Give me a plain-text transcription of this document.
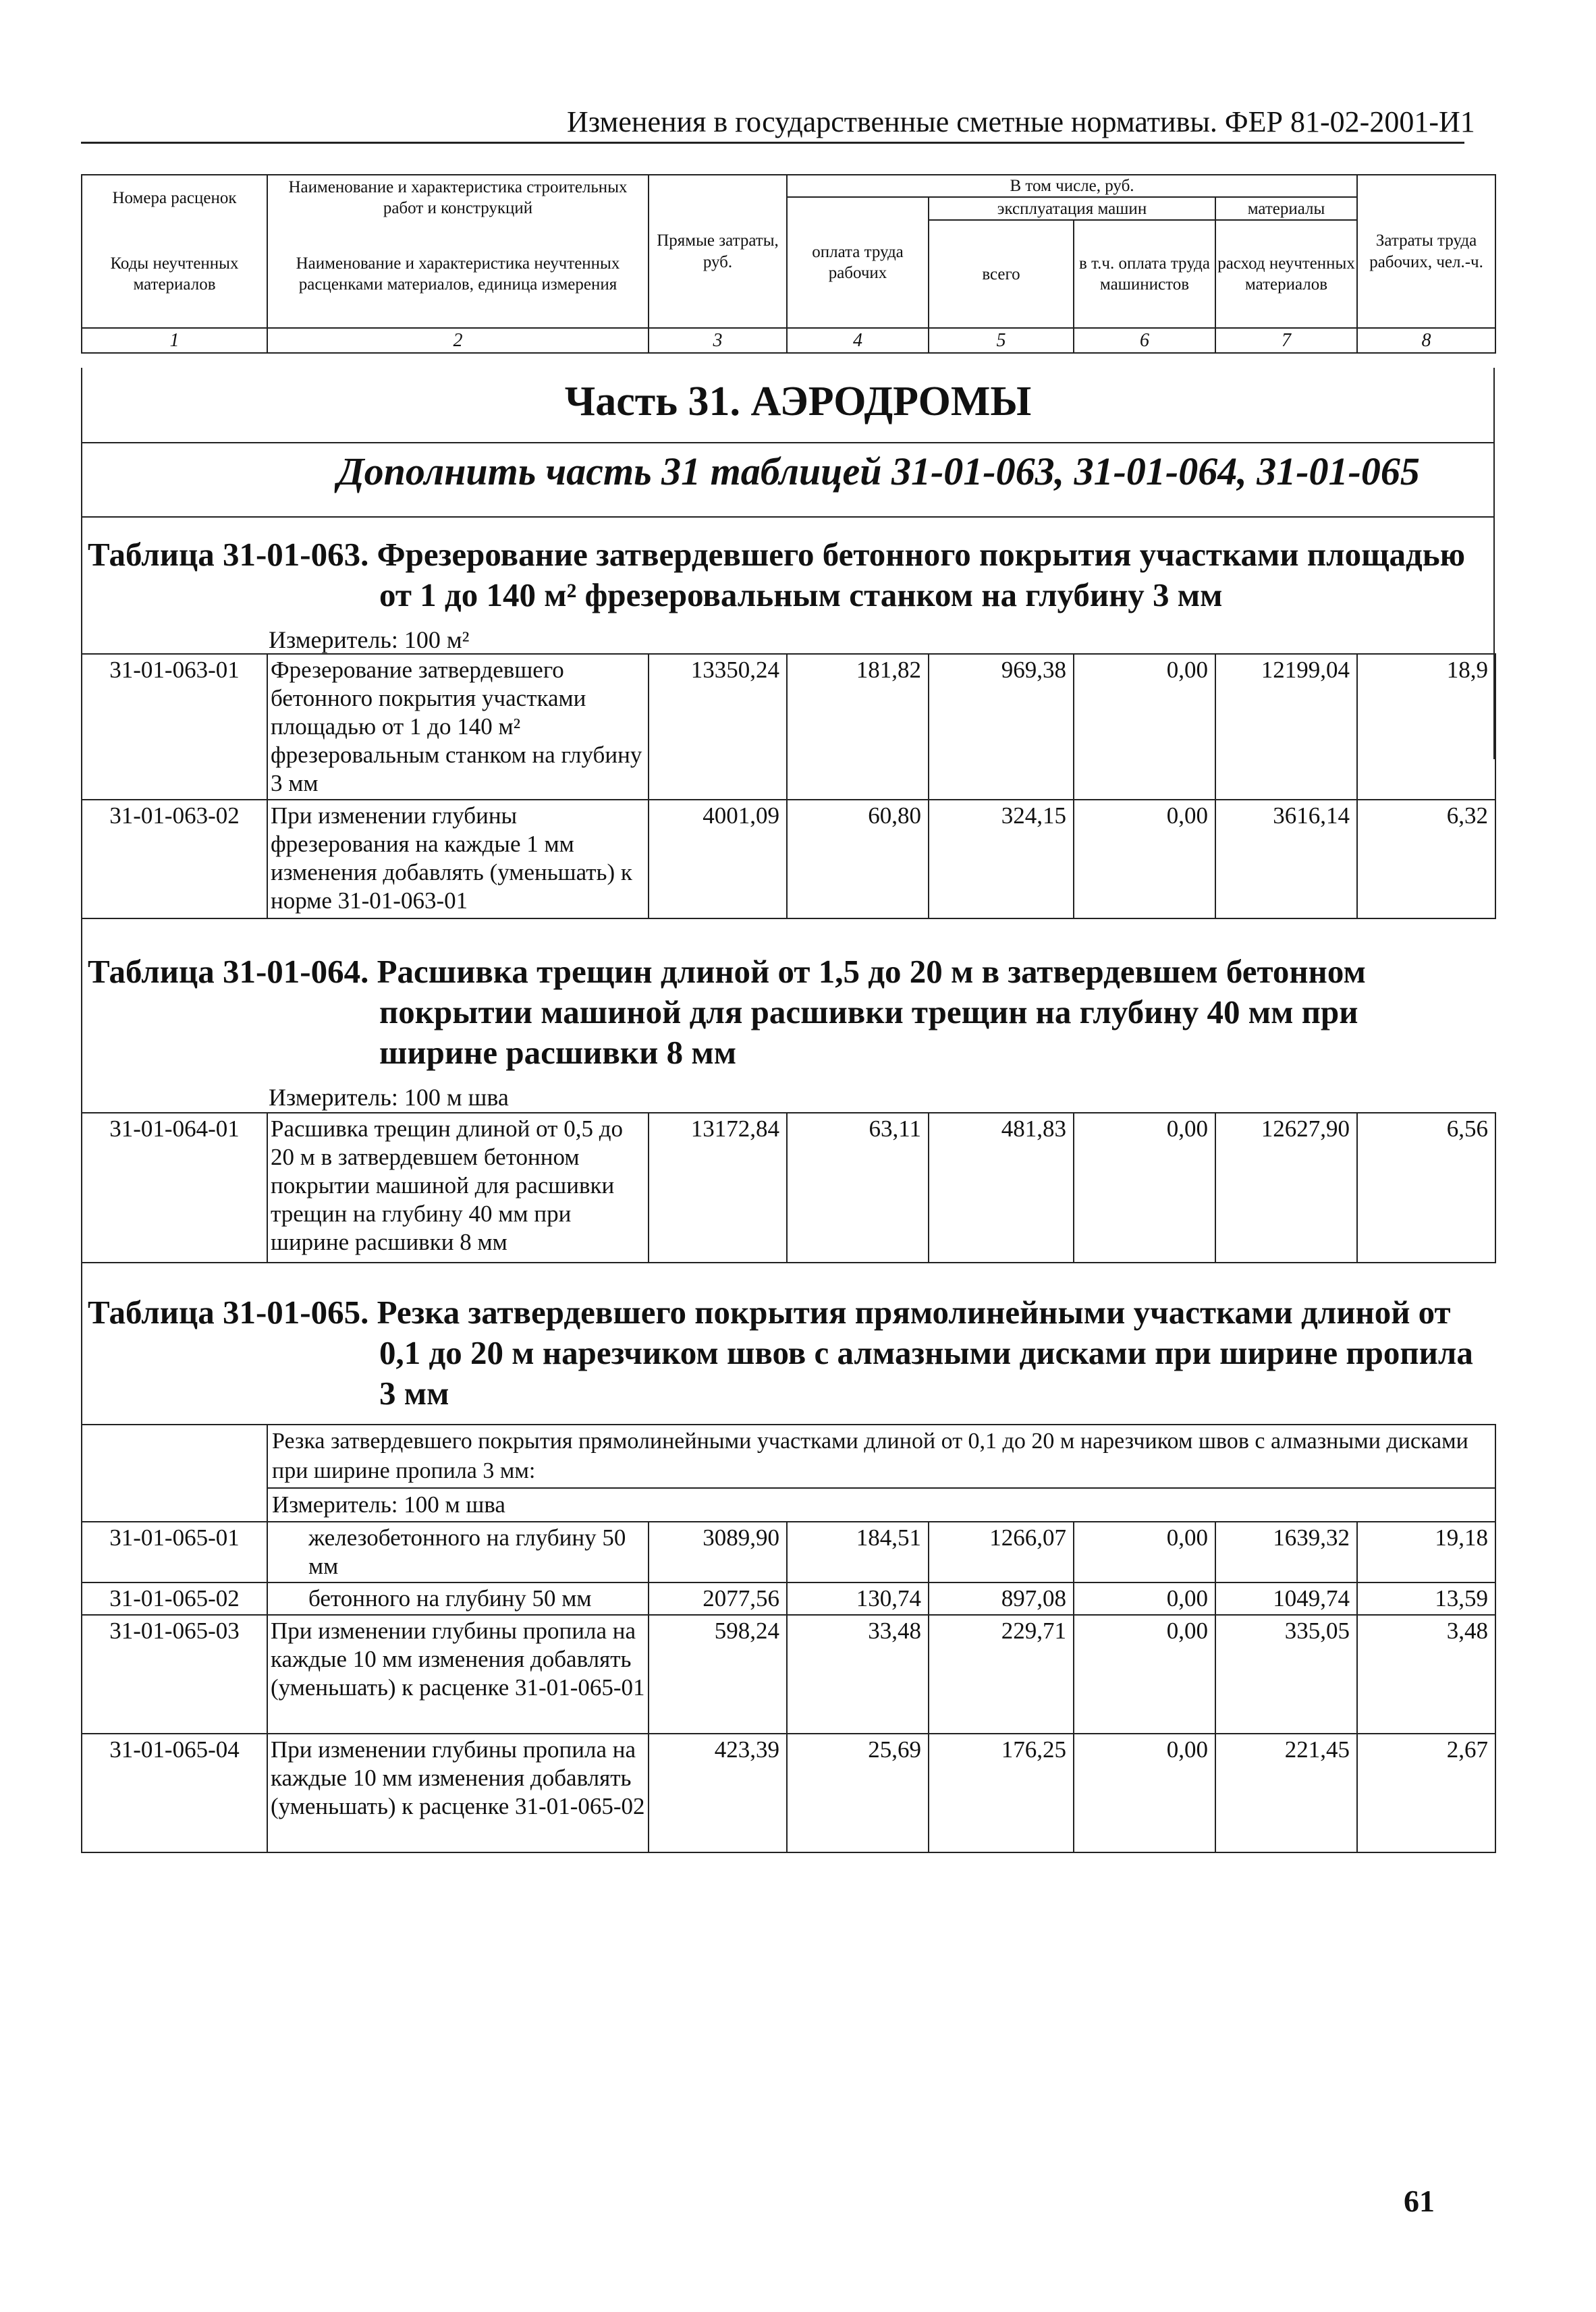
Изменения в государственные сметные нормативы. ФЕР 81-02-2001-И1
Номера расценок	Наименование и характеристика строительных работ и конструкций	Прямые затраты, руб.	В том числе, руб.				Затраты труда рабочих, чел.-ч.
			оплата труда рабочих	эксплуатация машин		материалы	
Коды неучтенных материалов	Наименование и характеристика неучтенных расценками материалов, единица измерения			всего	в т.ч. оплата труда машинистов	расход неучтенных материалов	

1	2	3	4	5	6	7	8
Часть 31. АЭРОДРОМЫ
Дополнить часть 31 таблицей 31-01-063, 31-01-064, 31-01-065
Таблица 31-01-063. Фрезерование затвердевшего бетонного покрытия участками площадью
от 1 до 140 м² фрезеровальным станком на глубину 3 мм
Измеритель: 100 м²
31-01-063-01	Фрезерование затвердевшего бетонного покрытия участками площадью от 1 до 140 м² фрезеровальным станком на глубину 3 мм	13350,24	181,82	969,38	0,00	12199,04	18,9
31-01-063-02	При изменении глубины фрезерования на каждые 1 мм изменения добавлять (уменьшать) к норме 31-01-063-01	4001,09	60,80	324,15	0,00	3616,14	6,32
Таблица 31-01-064. Расшивка трещин длиной от 1,5 до 20 м в затвердевшем бетонном
покрытии машиной для расшивки трещин на глубину 40 мм при
ширине расшивки 8 мм
Измеритель: 100 м шва
31-01-064-01	Расшивка трещин длиной от 0,5 до 20 м в затвердевшем бетонном покрытии машиной для расшивки трещин на глубину 40 мм при ширине расшивки 8 мм	13172,84	63,11	481,83	0,00	12627,90	6,56
Таблица 31-01-065. Резка затвердевшего покрытия прямолинейными участками длиной от
0,1 до 20 м нарезчиком швов с алмазными дисками при ширине пропила
3 мм
	Резка затвердевшего покрытия прямолинейными участками длиной от 0,1 до 20 м нарезчиком швов с алмазными дисками при ширине пропила 3 мм:						
	Измеритель: 100 м шва						
31-01-065-01	железобетонного на глубину 50 мм	3089,90	184,51	1266,07	0,00	1639,32	19,18
31-01-065-02	бетонного на глубину 50 мм	2077,56	130,74	897,08	0,00	1049,74	13,59
31-01-065-03	При изменении глубины пропила на каждые 10 мм изменения добавлять (уменьшать) к расценке 31-01-065-01	598,24	33,48	229,71	0,00	335,05	3,48
31-01-065-04	При изменении глубины пропила на каждые 10 мм изменения добавлять (уменьшать) к расценке 31-01-065-02	423,39	25,69	176,25	0,00	221,45	2,67
61
